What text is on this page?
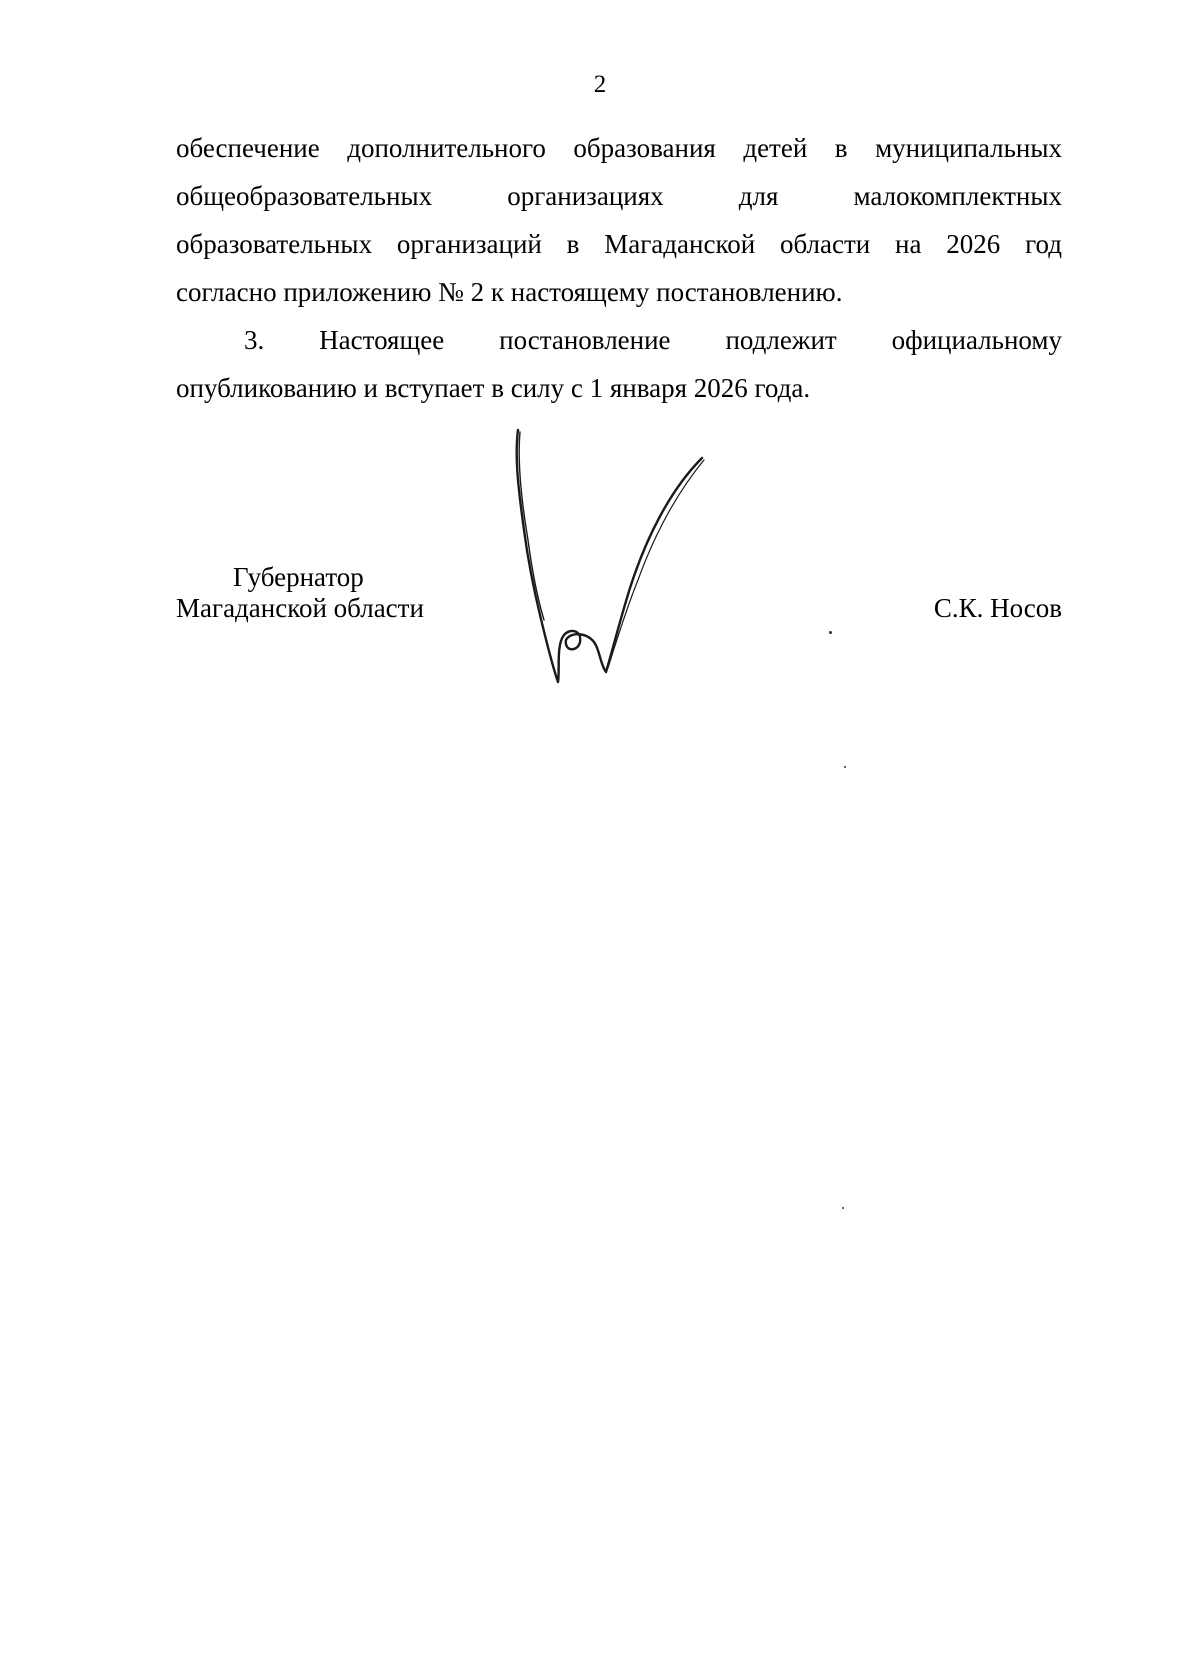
2
обеспечение дополнительного образования детей в муниципальных
общеобразовательных организациях для малокомплектных
образовательных организаций в Магаданской области на 2026 год
согласно приложению № 2 к настоящему постановлению.
3. Настоящее постановление подлежит официальному
опубликованию и вступает в силу с 1 января 2026 года.
Губернатор
Магаданской области	С.К. Носов
